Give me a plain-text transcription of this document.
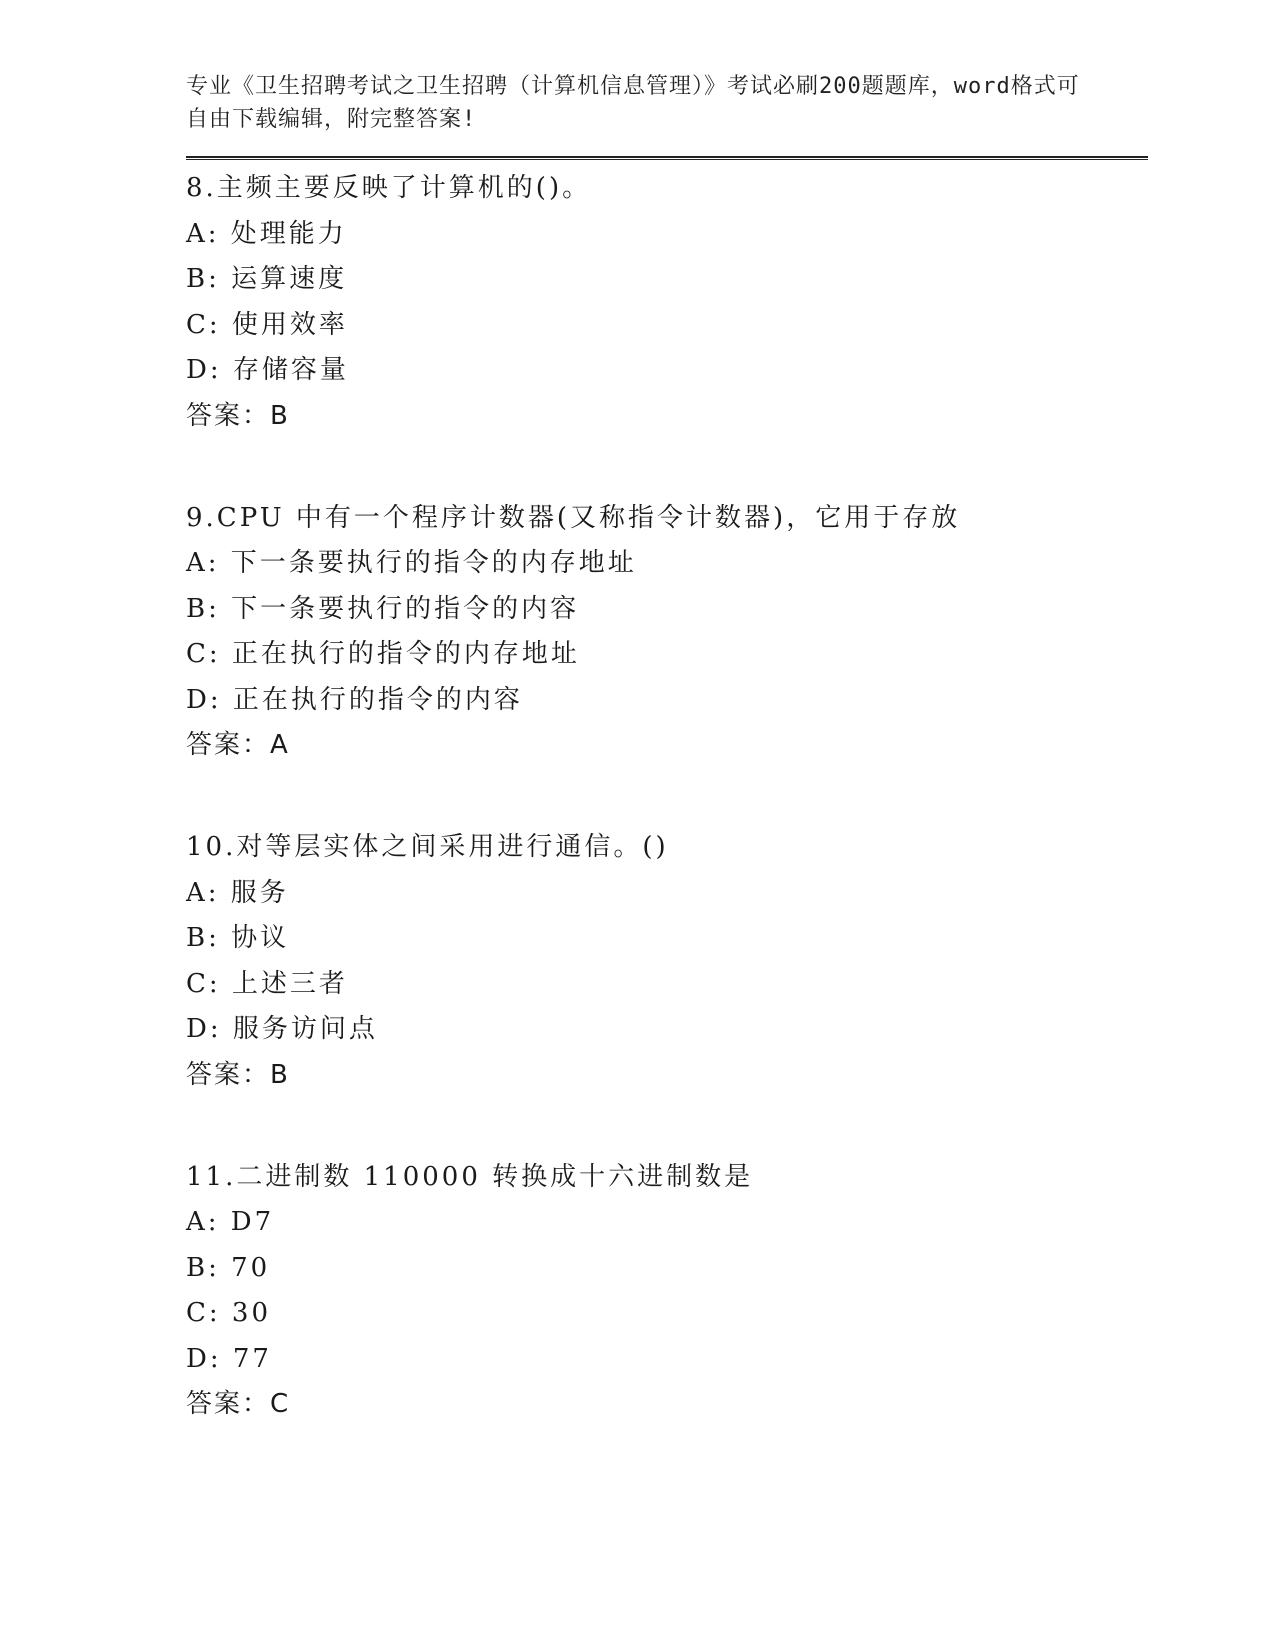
专业《卫生招聘考试之卫生招聘（计算机信息管理）》考试必刷200题题库，word格式可自由下载编辑，附完整答案!
8.主频主要反映了计算机的()。
A: 处理能力
B: 运算速度
C: 使用效率
D: 存储容量
答案：B
9.CPU 中有一个程序计数器(又称指令计数器)，它用于存放
A: 下一条要执行的指令的内存地址
B: 下一条要执行的指令的内容
C: 正在执行的指令的内存地址
D: 正在执行的指令的内容
答案：A
10.对等层实体之间采用进行通信。()
A: 服务
B: 协议
C: 上述三者
D: 服务访问点
答案：B
11.二进制数 110000 转换成十六进制数是
A: D7
B: 70
C: 30
D: 77
答案：C
